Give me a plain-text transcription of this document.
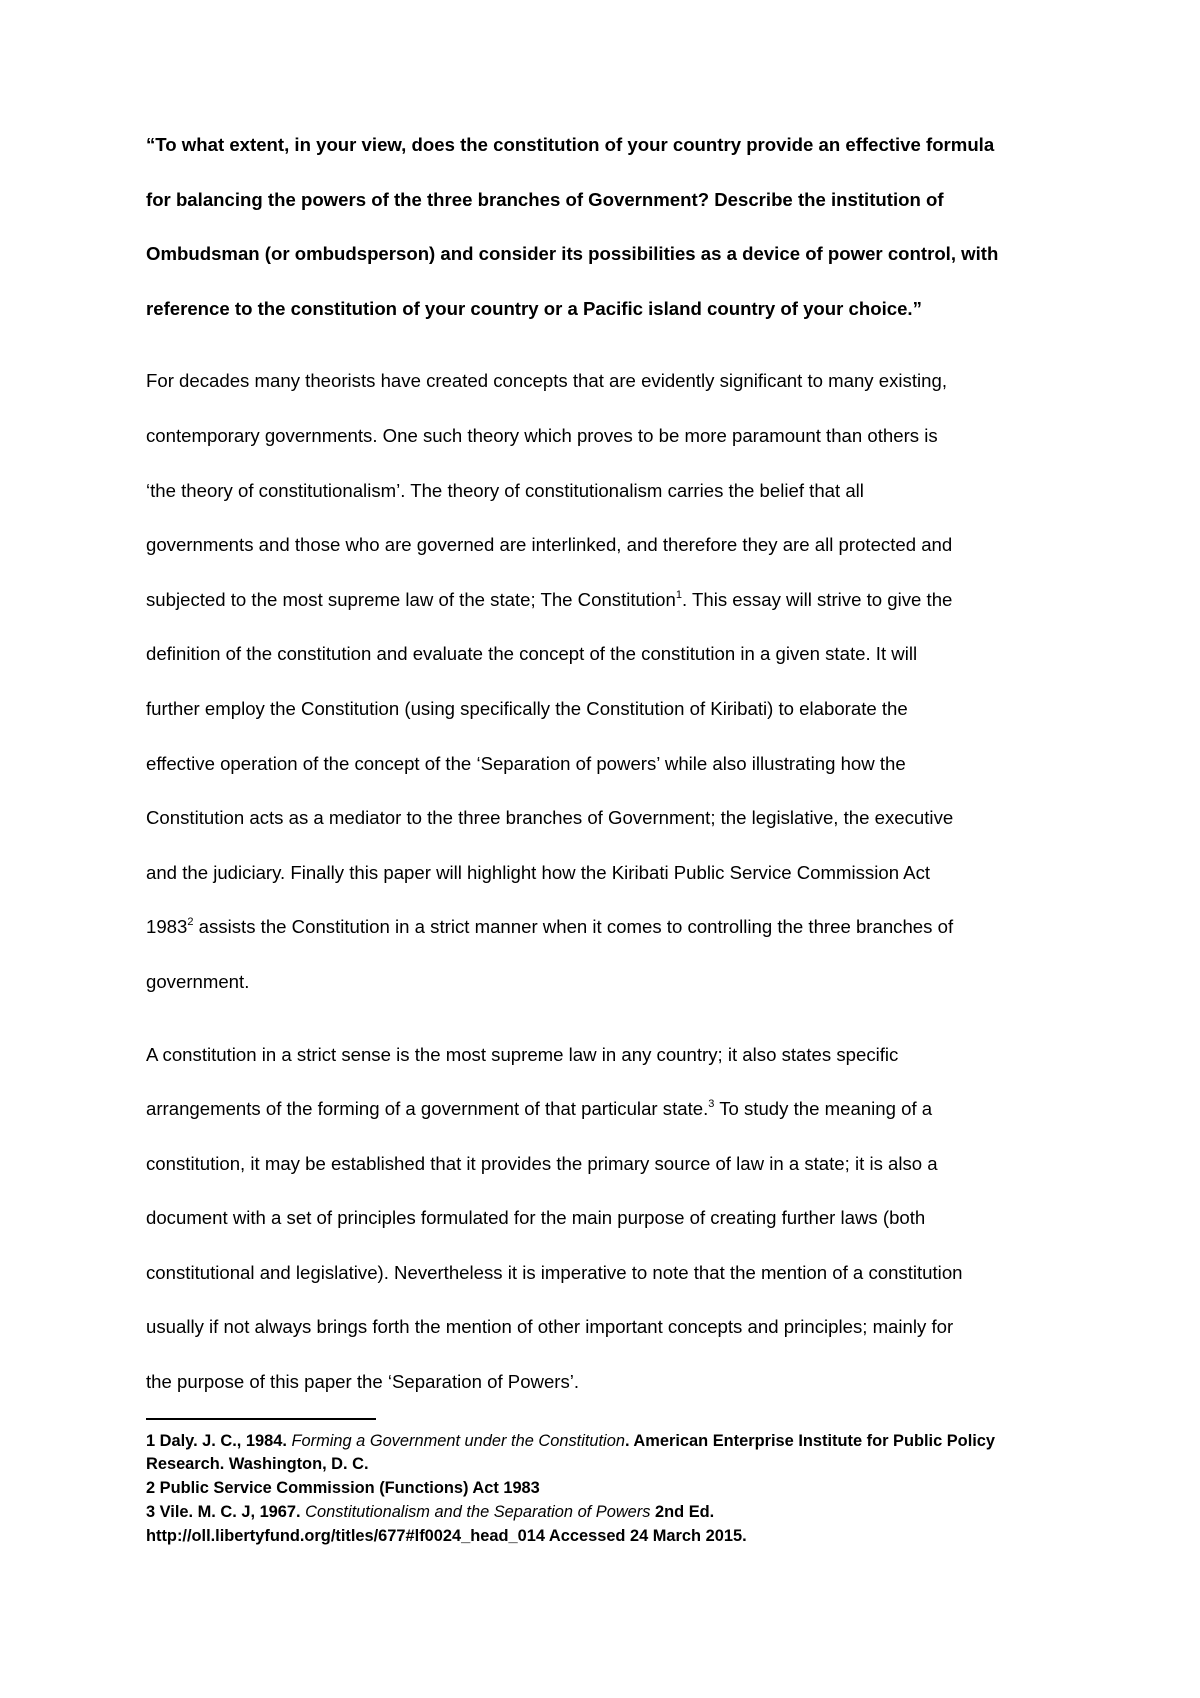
“To what extent, in your view, does the constitution of your country provide an effective formula
for balancing the powers of the three branches of Government? Describe the institution of
Ombudsman (or ombudsperson) and consider its possibilities as a device of power control, with
reference to the constitution of your country or a Pacific island country of your choice.”
For decades many theorists have created concepts that are evidently significant to many existing,
contemporary governments. One such theory which proves to be more paramount than others is
‘the theory of constitutionalism’. The theory of constitutionalism carries the belief that all
governments and those who are governed are interlinked, and therefore they are all protected and
subjected to the most supreme law of the state; The Constitution$^1$. This essay will strive to give the
definition of the constitution and evaluate the concept of the constitution in a given state. It will
further employ the Constitution (using specifically the Constitution of Kiribati) to elaborate the
effective operation of the concept of the ‘Separation of powers’ while also illustrating how the
Constitution acts as a mediator to the three branches of Government; the legislative, the executive
and the judiciary. Finally this paper will highlight how the Kiribati Public Service Commission Act
1983$^2$ assists the Constitution in a strict manner when it comes to controlling the three branches of
government.
A constitution in a strict sense is the most supreme law in any country; it also states specific
arrangements of the forming of a government of that particular state.$^3$ To study the meaning of a
constitution, it may be established that it provides the primary source of law in a state; it is also a
document with a set of principles formulated for the main purpose of creating further laws (both
constitutional and legislative). Nevertheless it is imperative to note that the mention of a constitution
usually if not always brings forth the mention of other important concepts and principles; mainly for
the purpose of this paper the ‘Separation of Powers’.
1 Daly. J. C., 1984. Forming a Government under the Constitution. American Enterprise Institute for Public Policy
Research. Washington, D. C.
2 Public Service Commission (Functions) Act 1983
3 Vile. M. C. J, 1967. Constitutionalism and the Separation of Powers 2nd Ed.
http://oll.libertyfund.org/titles/677#lf0024_head_014 Accessed 24 March 2015.
